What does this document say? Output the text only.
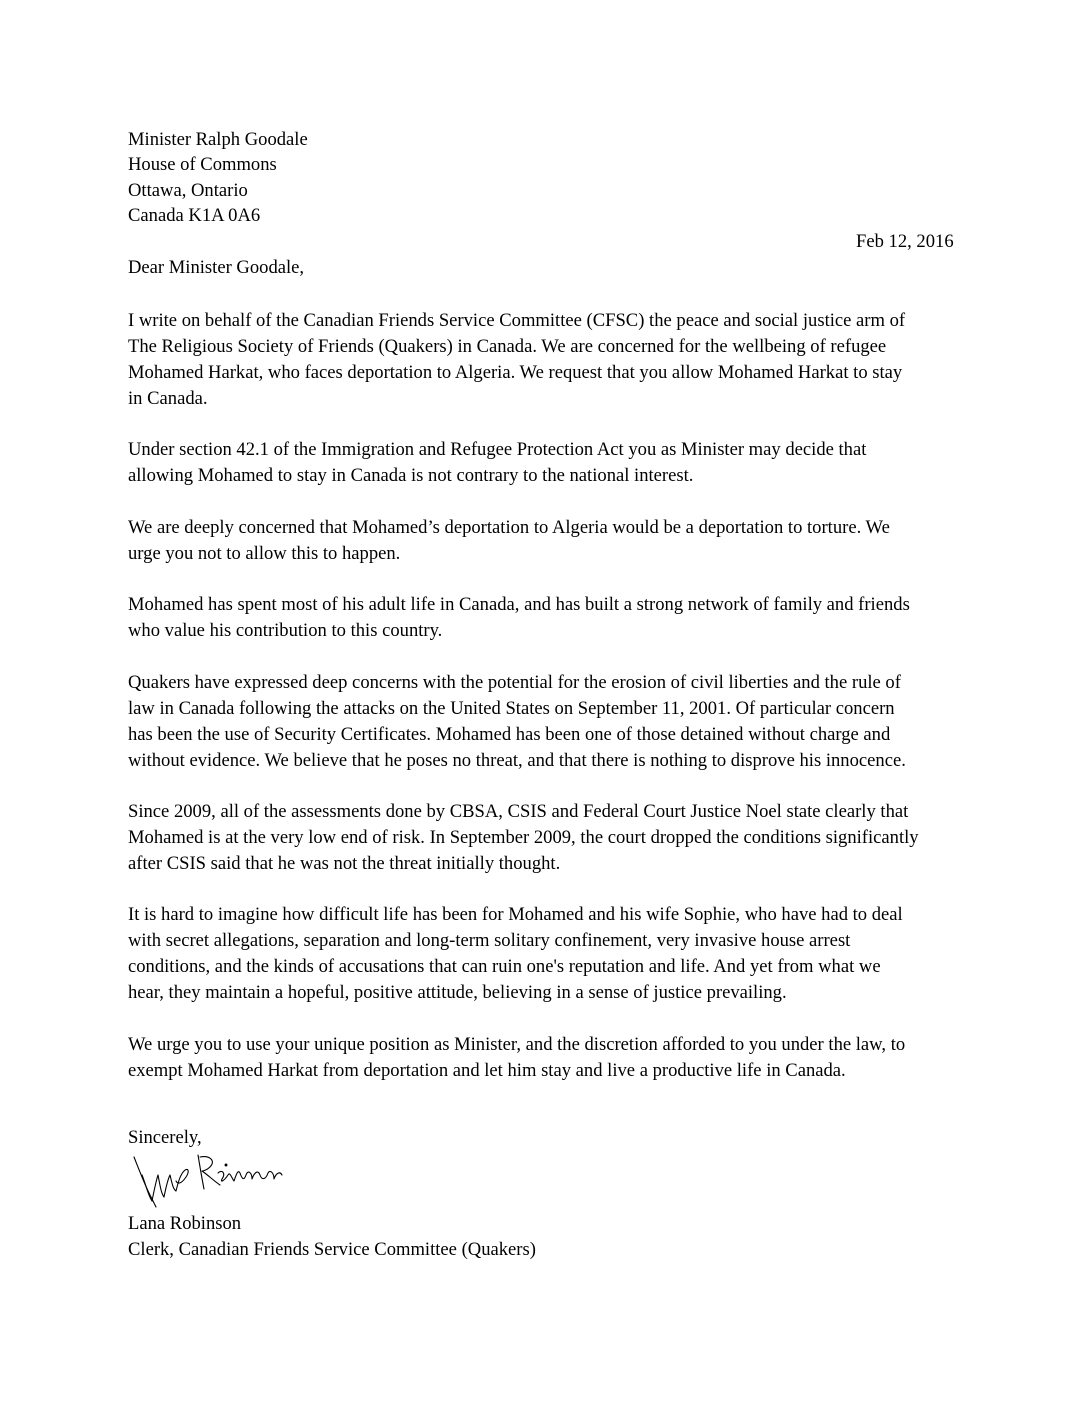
Minister Ralph Goodale
House of Commons
Ottawa, Ontario
Canada K1A 0A6
Feb 12, 2016
Dear Minister Goodale,
I write on behalf of the Canadian Friends Service Committee (CFSC) the peace and social justice arm of
The Religious Society of Friends (Quakers) in Canada. We are concerned for the wellbeing of refugee
Mohamed Harkat, who faces deportation to Algeria. We request that you allow Mohamed Harkat to stay
in Canada.
Under section 42.1 of the Immigration and Refugee Protection Act you as Minister may decide that
allowing Mohamed to stay in Canada is not contrary to the national interest.
We are deeply concerned that Mohamed’s deportation to Algeria would be a deportation to torture. We
urge you not to allow this to happen.
Mohamed has spent most of his adult life in Canada, and has built a strong network of family and friends
who value his contribution to this country.
Quakers have expressed deep concerns with the potential for the erosion of civil liberties and the rule of
law in Canada following the attacks on the United States on September 11, 2001. Of particular concern
has been the use of Security Certificates. Mohamed has been one of those detained without charge and
without evidence. We believe that he poses no threat, and that there is nothing to disprove his innocence.
Since 2009, all of the assessments done by CBSA, CSIS and Federal Court Justice Noel state clearly that
Mohamed is at the very low end of risk. In September 2009, the court dropped the conditions significantly
after CSIS said that he was not the threat initially thought.
It is hard to imagine how difficult life has been for Mohamed and his wife Sophie, who have had to deal
with secret allegations, separation and long-term solitary confinement, very invasive house arrest
conditions, and the kinds of accusations that can ruin one's reputation and life. And yet from what we
hear, they maintain a hopeful, positive attitude, believing in a sense of justice prevailing.
We urge you to use your unique position as Minister, and the discretion afforded to you under the law, to
exempt Mohamed Harkat from deportation and let him stay and live a productive life in Canada.
Sincerely,
Lana Robinson
Clerk, Canadian Friends Service Committee (Quakers)
